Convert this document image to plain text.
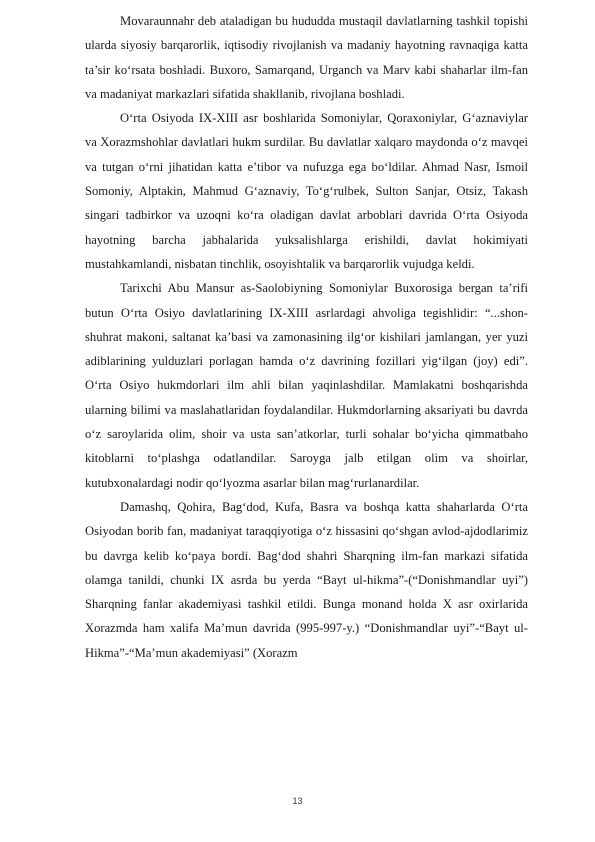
Movaraunnahr deb ataladigan bu hududda mustaqil davlatlarning tashkil topishi ularda siyosiy barqarorlik, iqtisodiy rivojlanish va madaniy hayotning ravnaqiga katta ta’sir ko‘rsata boshladi. Buxoro, Samarqand, Urganch va Marv kabi shaharlar ilm-fan va madaniyat markazlari sifatida shakllanib, rivojlana boshladi.

O‘rta Osiyoda IX-XIII asr boshlarida Somoniylar, Qoraxoniylar, G‘aznaviylar va Xorazmshohlar davlatlari hukm surdilar. Bu davlatlar xalqaro maydonda o‘z mavqei va tutgan o‘rni jihatidan katta e’tibor va nufuzga ega bo‘ldilar. Ahmad Nasr, Ismoil Somoniy, Alptakin, Mahmud G‘aznaviy, To‘g‘rulbek, Sulton Sanjar, Otsiz, Takash singari tadbirkor va uzoqni ko‘ra oladigan davlat arboblari davrida O‘rta Osiyoda hayotning barcha jabhalarida yuksalishlarga erishildi, davlat hokimiyati mustahkamlandi, nisbatan tinchlik, osoyishtalik va barqarorlik vujudga keldi.

Tarixchi Abu Mansur as-Saolobiyning Somoniylar Buxorosiga bergan ta’rifi butun O‘rta Osiyo davlatlarining IX-XIII asrlardagi ahvoliga tegishlidir: “...shon-shuhrat makoni, saltanat ka’basi va zamonasining ilg‘or kishilari jamlangan, yer yuzi adiblarining yulduzlari porlagan hamda o‘z davrining fozillari yig‘ilgan (joy) edi”. O‘rta Osiyo hukmdorlari ilm ahli bilan yaqinlashdilar. Mamlakatni boshqarishda ularning bilimi va maslahatlaridan foydalandilar. Hukmdorlarning aksariyati bu davrda o‘z saroylarida olim, shoir va usta san’atkorlar, turli sohalar bo‘yicha qimmatbaho kitoblarni to‘plashga odatlandilar. Saroyga jalb etilgan olim va shoirlar, kutubxonalardagi nodir qo‘lyozma asarlar bilan mag‘rurlanardilar.

Damashq, Qohira, Bag‘dod, Kufa, Basra va boshqa katta shaharlarda O‘rta Osiyodan borib fan, madaniyat taraqqiyotiga o‘z hissasini qo‘shgan avlod-ajdodlarimiz bu davrga kelib ko‘paya bordi. Bag‘dod shahri Sharqning ilm-fan markazi sifatida olamga tanildi, chunki IX asrda bu yerda “Bayt ul-hikma”-(“Donishmandlar uyi”) Sharqning fanlar akademiyasi tashkil etildi. Bunga monand holda X asr oxirlarida Xorazmda ham xalifa Ma’mun davrida (995-997-y.) “Donishmandlar uyi”-“Bayt ul-Hikma”-“Ma’mun akademiyasi” (Xorazm

13
